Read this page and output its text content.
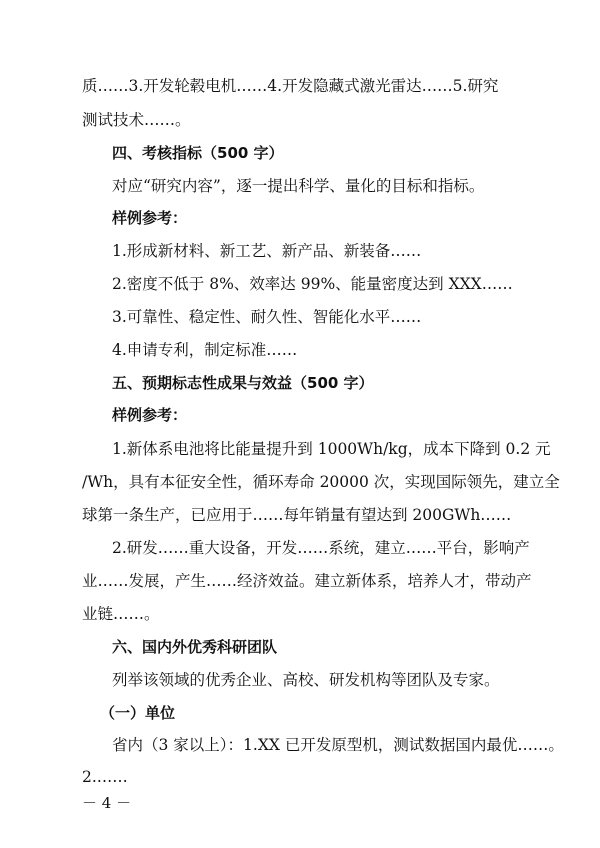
质……3.开发轮毂电机……4.开发隐藏式激光雷达……5.研究
测试技术……。
四、考核指标（500 字）
对应“研究内容”，逐一提出科学、量化的目标和指标。
样例参考：
1.形成新材料、新工艺、新产品、新装备……
2.密度不低于 8%、效率达 99%、能量密度达到 XXX……
3.可靠性、稳定性、耐久性、智能化水平……
4.申请专利，制定标准……
五、预期标志性成果与效益（500 字）
样例参考：
1.新体系电池将比能量提升到 1000Wh/kg，成本下降到 0.2 元
/Wh，具有本征安全性，循环寿命 20000 次，实现国际领先，建立全
球第一条生产，已应用于……每年销量有望达到 200GWh……
2.研发……重大设备，开发……系统，建立……平台，影响产
业……发展，产生……经济效益。建立新体系，培养人才，带动产
业链……。
六、国内外优秀科研团队
列举该领域的优秀企业、高校、研发机构等团队及专家。
（一）单位
省内（3 家以上）：1.XX 已开发原型机，测试数据国内最优……。
2.……
－ 4 －
